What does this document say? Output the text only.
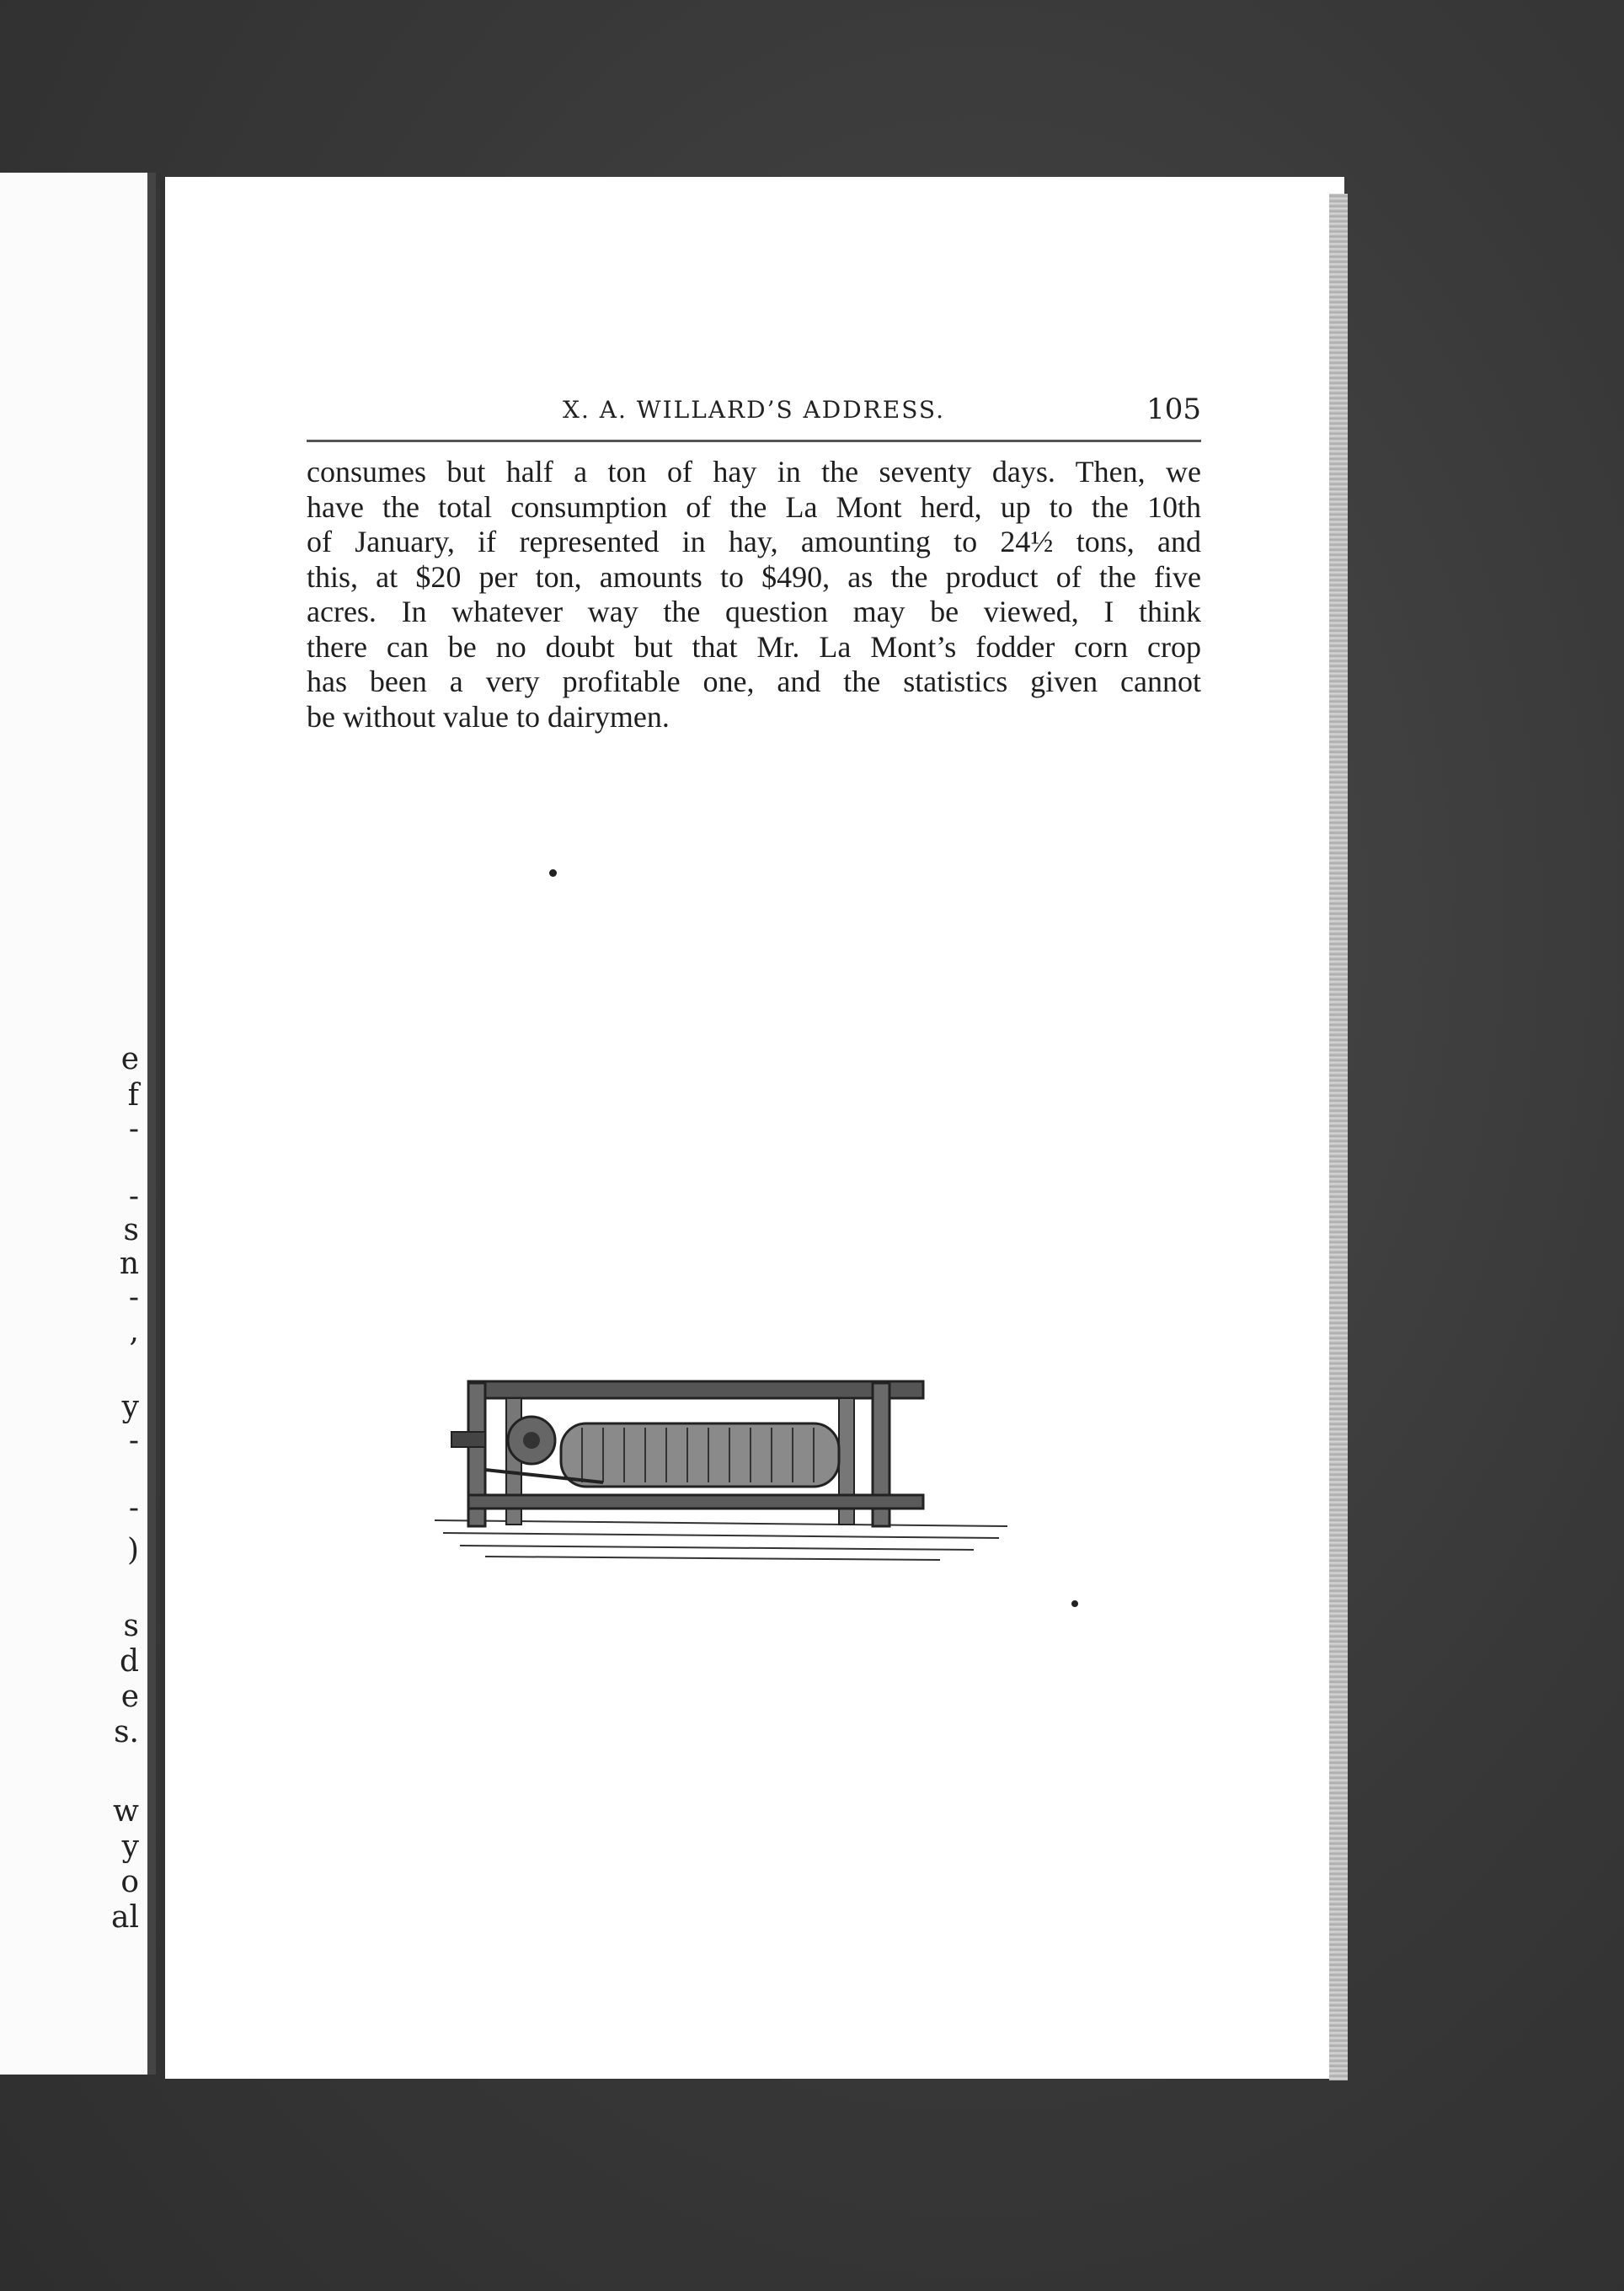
e
f
-
-
s
n
-
,
y
-
-
)
s
d
e
s.
w
y
o
al
X. A. WILLARD’S ADDRESS.	105
consumes but half a ton of hay in the seventy days. Then, we
have the total consumption of the La Mont herd, up to the 10th
of January, if represented in hay, amounting to 24½ tons, and
this, at $20 per ton, amounts to $490, as the product of the five
acres. In whatever way the question may be viewed, I think
there can be no doubt but that Mr. La Mont’s fodder corn crop
has been a very profitable one, and the statistics given cannot
be without value to dairymen.
